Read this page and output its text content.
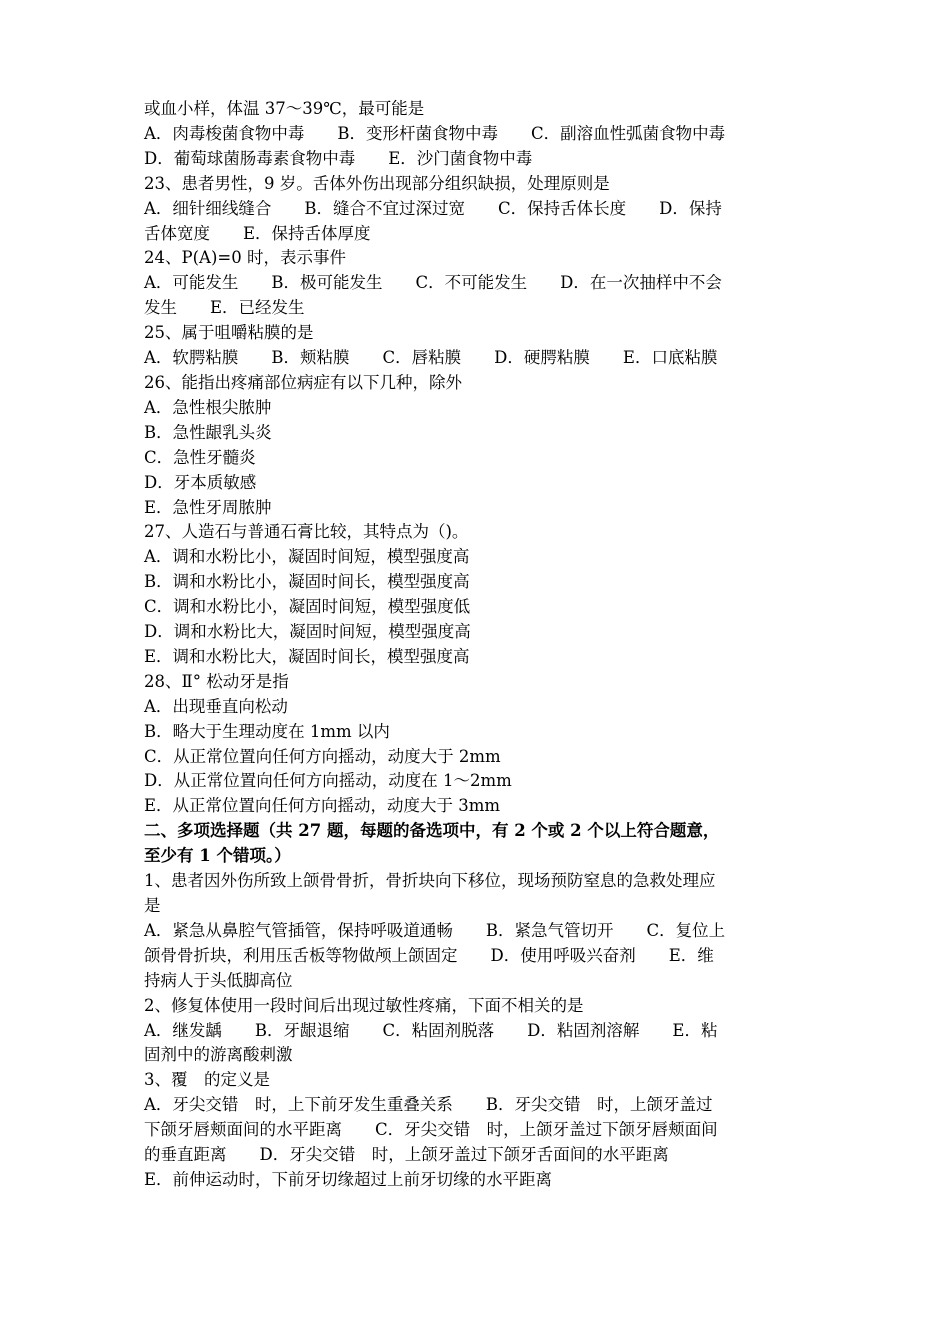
或血小样，体温 37～39℃，最可能是
A．肉毒梭菌食物中毒　　B．变形杆菌食物中毒　　C．副溶血性弧菌食物中毒
D．葡萄球菌肠毒素食物中毒　　E．沙门菌食物中毒
23、患者男性，9 岁。舌体外伤出现部分组织缺损，处理原则是
A．细针细线缝合　　B．缝合不宜过深过宽　　C．保持舌体长度　　D．保持
舌体宽度　　E．保持舌体厚度
24、P(A)=0 时，表示事件
A．可能发生　　B．极可能发生　　C．不可能发生　　D．在一次抽样中不会
发生　　E．已经发生
25、属于咀嚼粘膜的是
A．软腭粘膜　　B．颊粘膜　　C．唇粘膜　　D．硬腭粘膜　　E．口底粘膜
26、能指出疼痛部位病症有以下几种，除外
A．急性根尖脓肿
B．急性龈乳头炎
C．急性牙髓炎
D．牙本质敏感
E．急性牙周脓肿
27、人造石与普通石膏比较，其特点为（)。
A．调和水粉比小，凝固时间短，模型强度高
B．调和水粉比小，凝固时间长，模型强度高
C．调和水粉比小，凝固时间短，模型强度低
D．调和水粉比大，凝固时间短，模型强度高
E．调和水粉比大，凝固时间长，模型强度高
28、Ⅱ° 松动牙是指
A．出现垂直向松动
B．略大于生理动度在 1mm 以内
C．从正常位置向任何方向摇动，动度大于 2mm
D．从正常位置向任何方向摇动，动度在 1～2mm
E．从正常位置向任何方向摇动，动度大于 3mm
二、多项选择题（共 27 题，每题的备选项中，有 2 个或 2 个以上符合题意，
至少有 1 个错项。）
1、患者因外伤所致上颌骨骨折，骨折块向下移位，现场预防窒息的急救处理应
是
A．紧急从鼻腔气管插管，保持呼吸道通畅　　B．紧急气管切开　　C．复位上
颌骨骨折块，利用压舌板等物做颅上颌固定　　D．使用呼吸兴奋剂　　E．维
持病人于头低脚高位
2、修复体使用一段时间后出现过敏性疼痛，下面不相关的是
A．继发龋　　B．牙龈退缩　　C．粘固剂脱落　　D．粘固剂溶解　　E．粘
固剂中的游离酸刺激
3、覆　的定义是
A．牙尖交错　时，上下前牙发生重叠关系　　B．牙尖交错　时，上颌牙盖过
下颌牙唇颊面间的水平距离　　C．牙尖交错　时，上颌牙盖过下颌牙唇颊面间
的垂直距离　　D．牙尖交错　时，上颌牙盖过下颌牙舌面间的水平距离
E．前伸运动时，下前牙切缘超过上前牙切缘的水平距离
